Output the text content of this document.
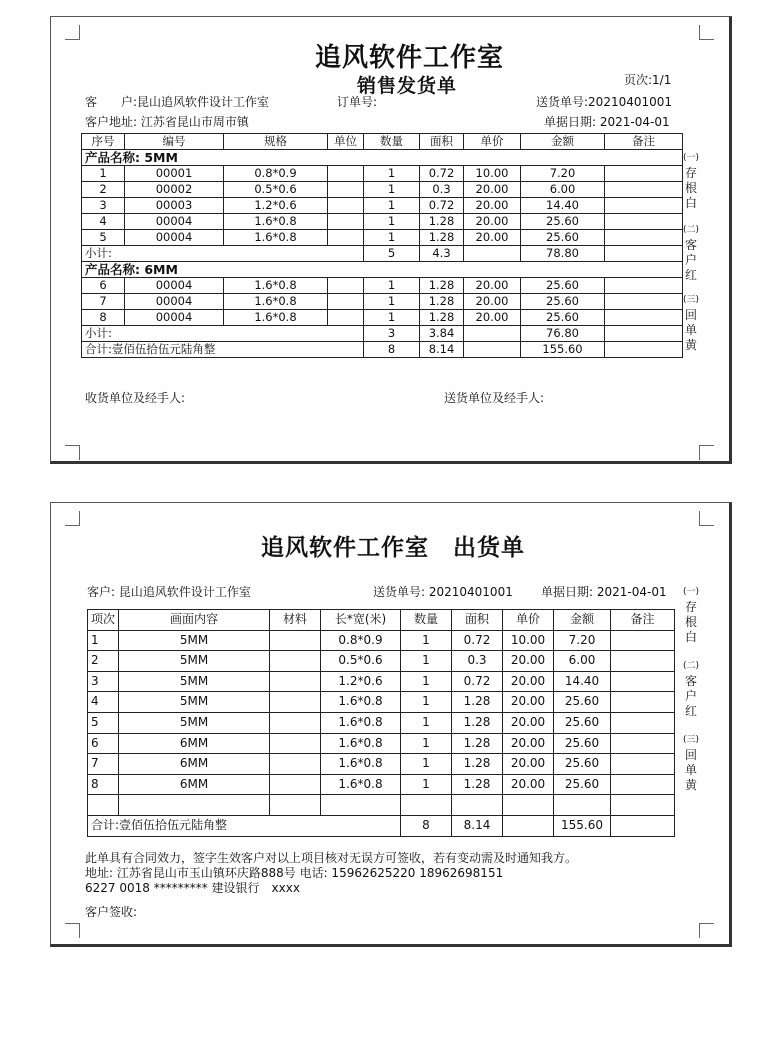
追风软件工作室
销售发货单	页次:1/1
客　　户:昆山追风软件设计工作室	订单号:	送货单号:20210401001
客户地址: 江苏省昆山市周市镇	单据日期: 2021-04-01
序号	编号	规格	单位	数量	面积	单价	金额	备注
产品名称: 5MM								
1	00001	0.8*0.9		1	0.72	10.00	7.20	
2	00002	0.5*0.6		1	0.3	20.00	6.00	
3	00003	1.2*0.6		1	0.72	20.00	14.40	
4	00004	1.6*0.8		1	1.28	20.00	25.60	
5	00004	1.6*0.8		1	1.28	20.00	25.60	
小计:				5	4.3		78.80	
产品名称: 6MM								
6	00004	1.6*0.8		1	1.28	20.00	25.60	
7	00004	1.6*0.8		1	1.28	20.00	25.60	
8	00004	1.6*0.8		1	1.28	20.00	25.60	
小计:				3	3.84		76.80	
合计:壹佰伍拾伍元陆角整				8	8.14		155.60	
收货单位及经手人:	送货单位及经手人:
(一)
存
根
白
(二)
客
户
红
(三)
回
单
黄
追风软件工作室　出货单
客户: 昆山追风软件设计工作室	送货单号: 20210401001 单据日期: 2021-04-01
项次	画面内容	材料	长*宽(米)	数量	面积	单价	金额	备注
1	5MM		0.8*0.9	1	0.72	10.00	7.20	
2	5MM		0.5*0.6	1	0.3	20.00	6.00	
3	5MM		1.2*0.6	1	0.72	20.00	14.40	
4	5MM		1.6*0.8	1	1.28	20.00	25.60	
5	5MM		1.6*0.8	1	1.28	20.00	25.60	
6	6MM		1.6*0.8	1	1.28	20.00	25.60	
7	6MM		1.6*0.8	1	1.28	20.00	25.60	
8	6MM		1.6*0.8	1	1.28	20.00	25.60	

合计:壹佰伍拾伍元陆角整				8	8.14		155.60	
此单具有合同效力，签字生效客户对以上项目核对无误方可签收，若有变动需及时通知我方。
地址: 江苏省昆山市玉山镇环庆路888号 电话: 15962625220 18962698151
6227 0018 ********* 建设银行　xxxx
客户签收:
(一)
存
根
白
(二)
客
户
红
(三)
回
单
黄
